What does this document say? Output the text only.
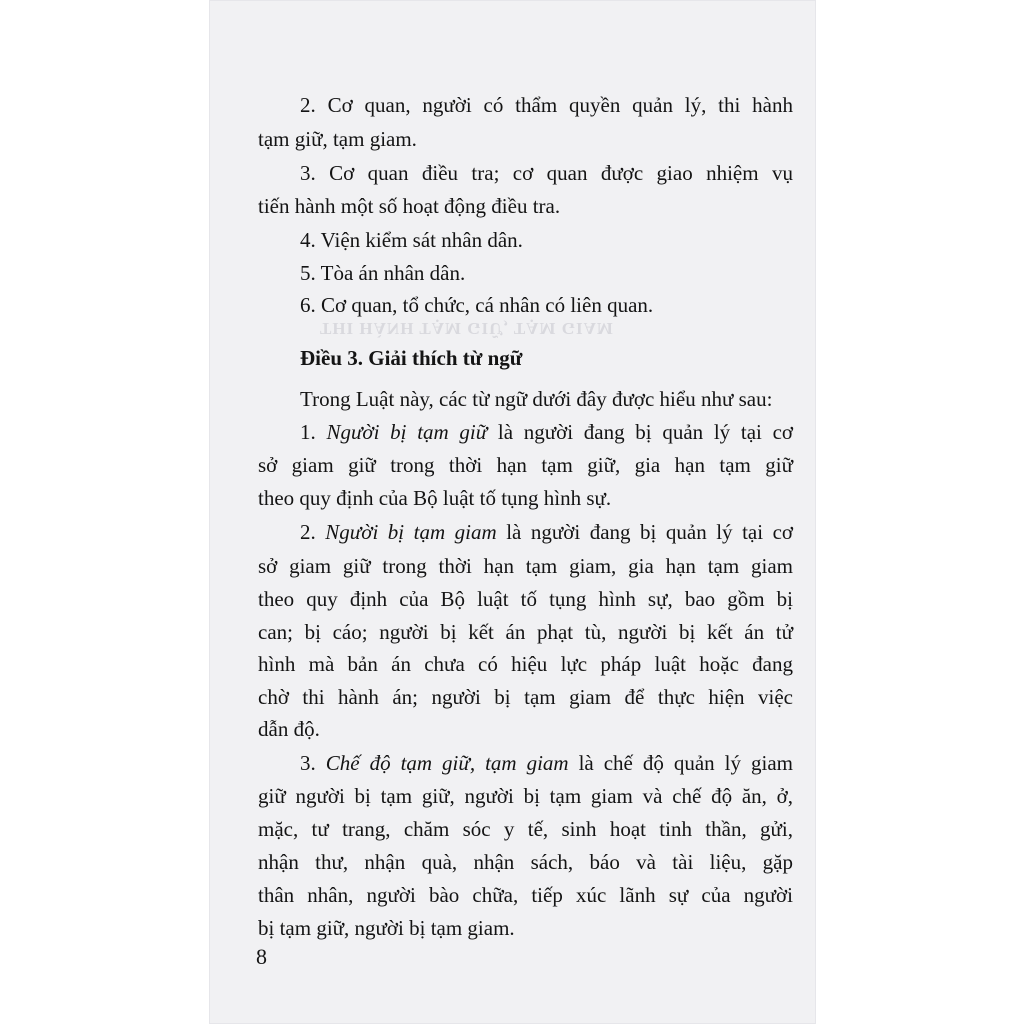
THI HÀNH TẠM GIỮ, TẠM GIAM
2. Cơ quan, người có thẩm quyền quản lý, thi hành
tạm giữ, tạm giam.
3. Cơ quan điều tra; cơ quan được giao nhiệm vụ
tiến hành một số hoạt động điều tra.
4. Viện kiểm sát nhân dân.
5. Tòa án nhân dân.
6. Cơ quan, tổ chức, cá nhân có liên quan.
Điều 3. Giải thích từ ngữ
Trong Luật này, các từ ngữ dưới đây được hiểu như sau:
1. Người bị tạm giữ là người đang bị quản lý tại cơ
sở giam giữ trong thời hạn tạm giữ, gia hạn tạm giữ
theo quy định của Bộ luật tố tụng hình sự.
2. Người bị tạm giam là người đang bị quản lý tại cơ
sở giam giữ trong thời hạn tạm giam, gia hạn tạm giam
theo quy định của Bộ luật tố tụng hình sự, bao gồm bị
can; bị cáo; người bị kết án phạt tù, người bị kết án tử
hình mà bản án chưa có hiệu lực pháp luật hoặc đang
chờ thi hành án; người bị tạm giam để thực hiện việc
dẫn độ.
3. Chế độ tạm giữ, tạm giam là chế độ quản lý giam
giữ người bị tạm giữ, người bị tạm giam và chế độ ăn, ở,
mặc, tư trang, chăm sóc y tế, sinh hoạt tinh thần, gửi,
nhận thư, nhận quà, nhận sách, báo và tài liệu, gặp
thân nhân, người bào chữa, tiếp xúc lãnh sự của người
bị tạm giữ, người bị tạm giam.
8
